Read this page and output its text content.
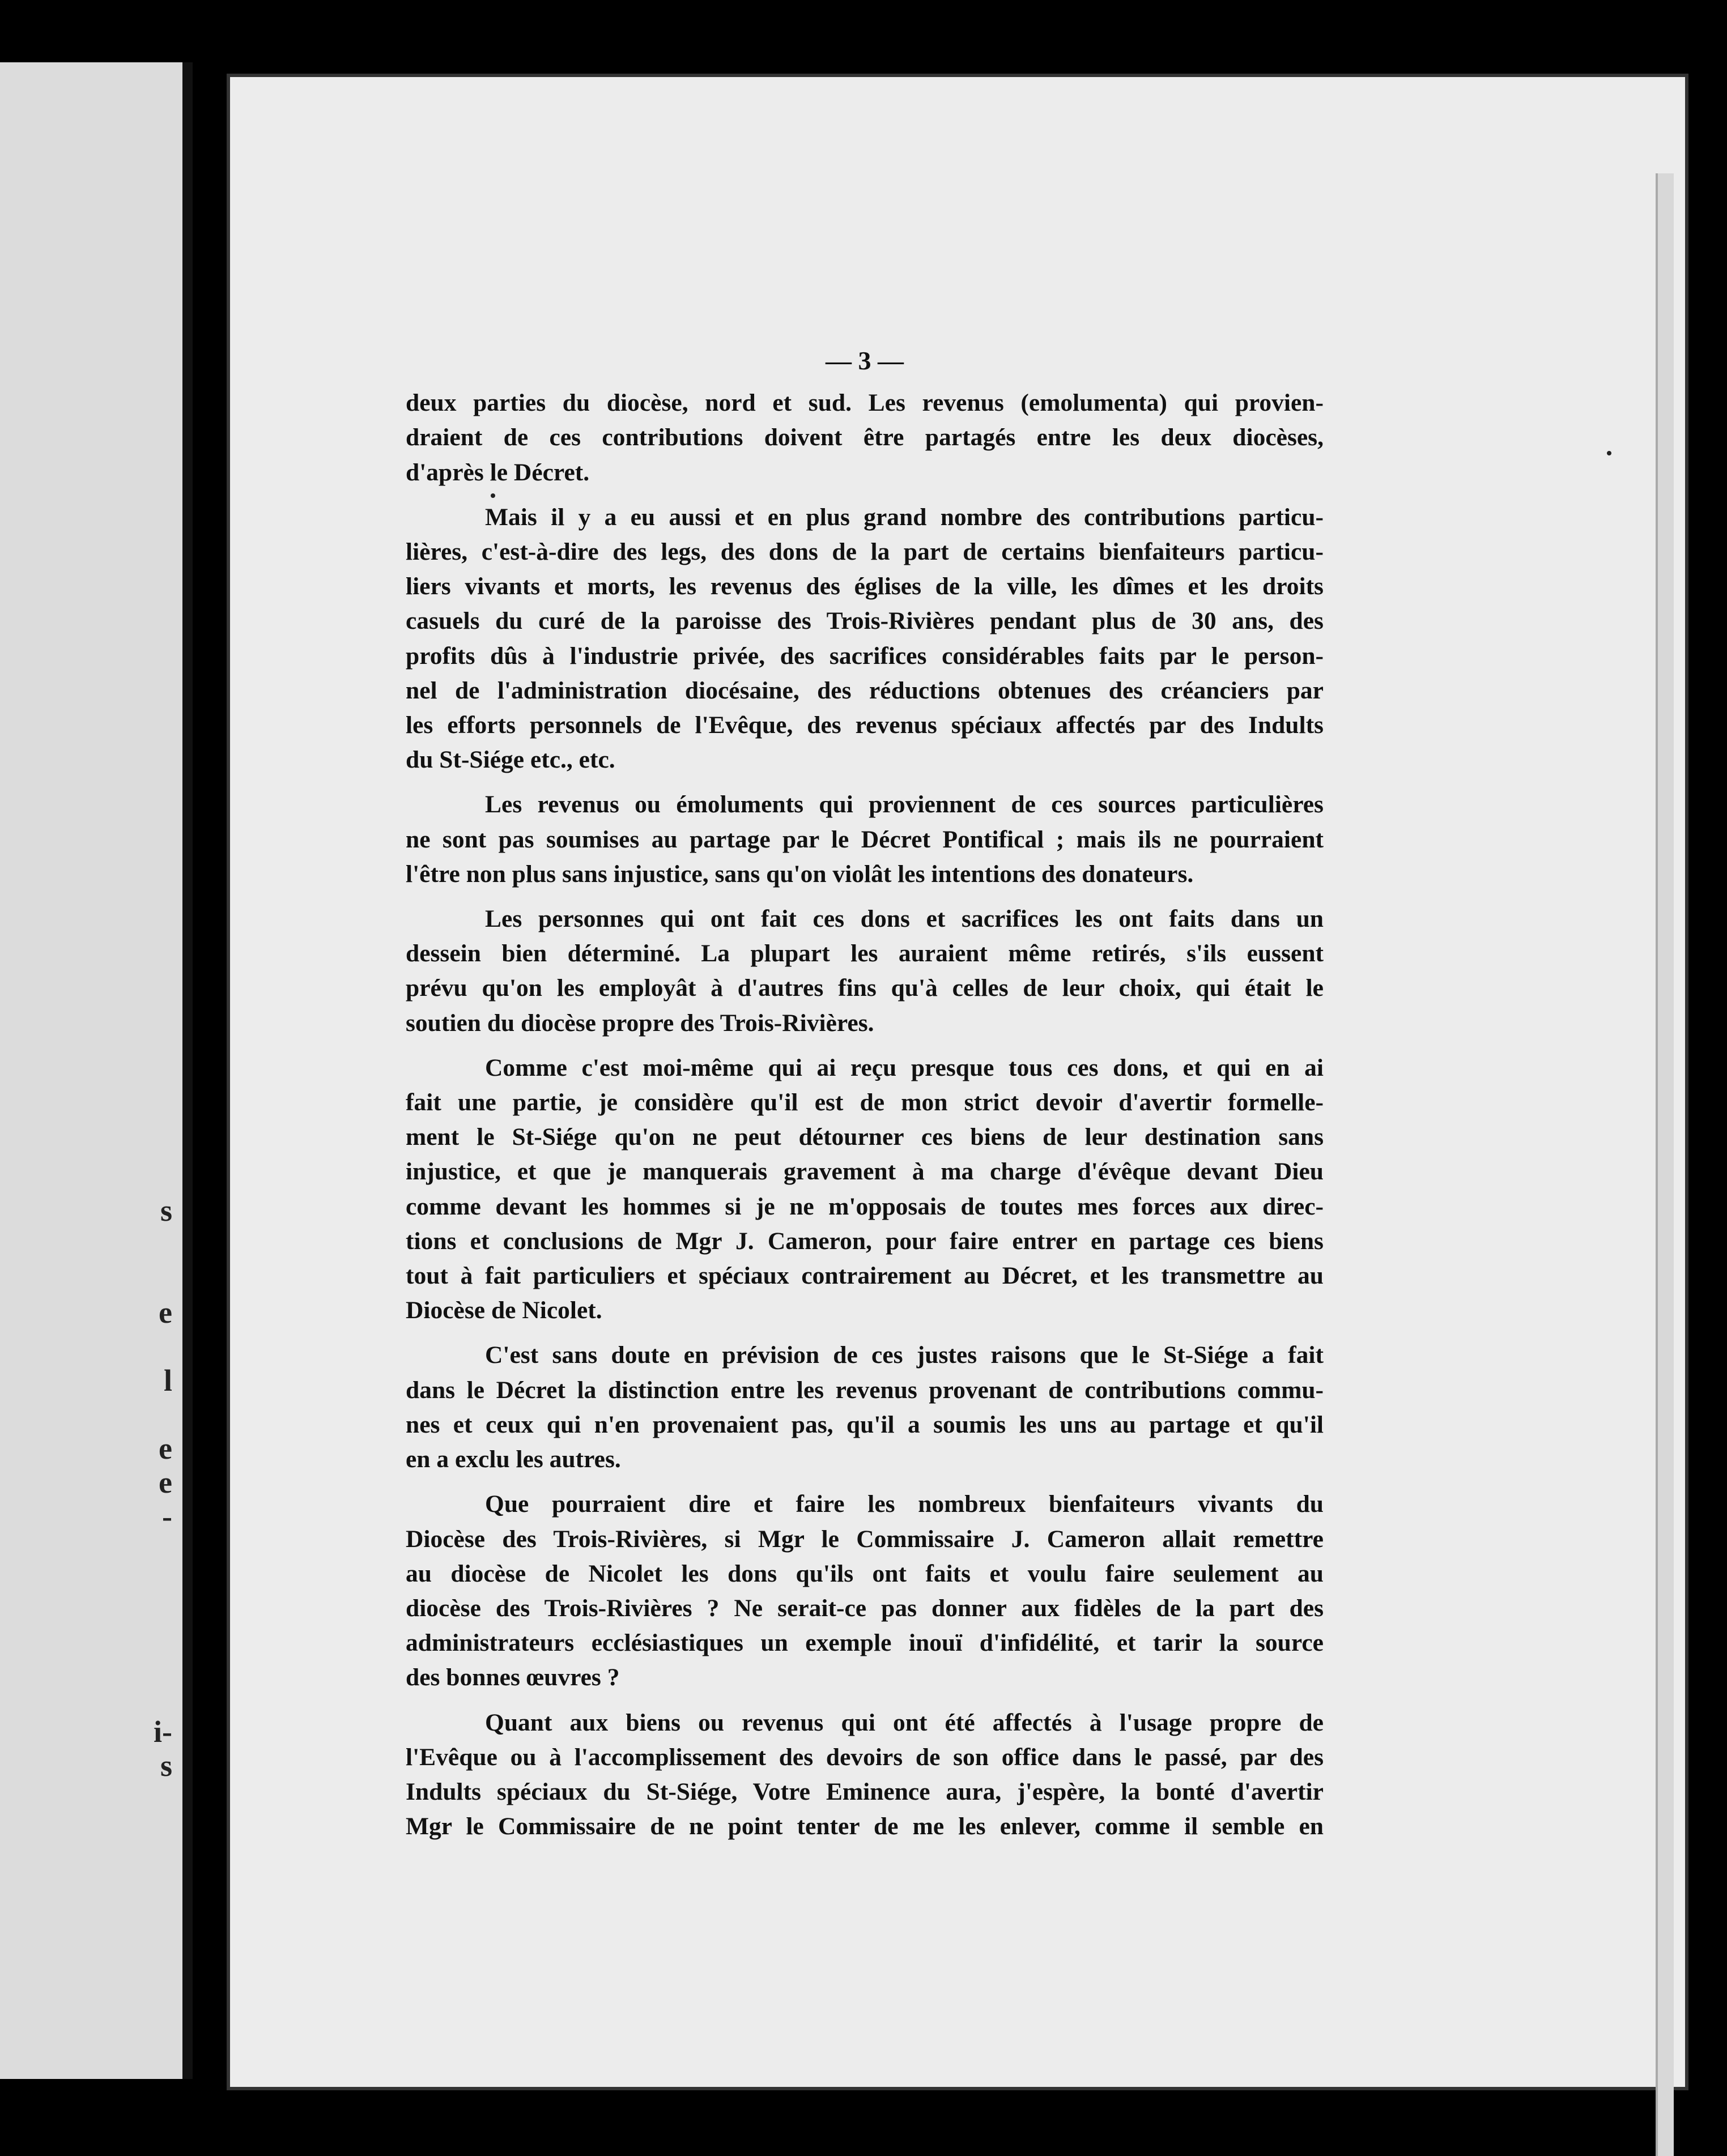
s
e
l
e
e
-
i-
s
— 3 —
deux parties du diocèse, nord et sud. Les revenus (emolumenta) qui provien-
draient de ces contributions doivent être partagés entre les deux diocèses,
d'après le Décret.
Mais il y a eu aussi et en plus grand nombre des contributions particu-
lières, c'est-à-dire des legs, des dons de la part de certains bienfaiteurs particu-
liers vivants et morts, les revenus des églises de la ville, les dîmes et les droits
casuels du curé de la paroisse des Trois-Rivières pendant plus de 30 ans, des
profits dûs à l'industrie privée, des sacrifices considérables faits par le person-
nel de l'administration diocésaine, des réductions obtenues des créanciers par
les efforts personnels de l'Evêque, des revenus spéciaux affectés par des Indults
du St-Siége etc., etc.
Les revenus ou émoluments qui proviennent de ces sources particulières
ne sont pas soumises au partage par le Décret Pontifical ; mais ils ne pourraient
l'être non plus sans injustice, sans qu'on violât les intentions des donateurs.
Les personnes qui ont fait ces dons et sacrifices les ont faits dans un
dessein bien déterminé. La plupart les auraient même retirés, s'ils eussent
prévu qu'on les employât à d'autres fins qu'à celles de leur choix, qui était le
soutien du diocèse propre des Trois-Rivières.
Comme c'est moi-même qui ai reçu presque tous ces dons, et qui en ai
fait une partie, je considère qu'il est de mon strict devoir d'avertir formelle-
ment le St-Siége qu'on ne peut détourner ces biens de leur destination sans
injustice, et que je manquerais gravement à ma charge d'évêque devant Dieu
comme devant les hommes si je ne m'opposais de toutes mes forces aux direc-
tions et conclusions de Mgr J. Cameron, pour faire entrer en partage ces biens
tout à fait particuliers et spéciaux contrairement au Décret, et les transmettre au
Diocèse de Nicolet.
C'est sans doute en prévision de ces justes raisons que le St-Siége a fait
dans le Décret la distinction entre les revenus provenant de contributions commu-
nes et ceux qui n'en provenaient pas, qu'il a soumis les uns au partage et qu'il
en a exclu les autres.
Que pourraient dire et faire les nombreux bienfaiteurs vivants du
Diocèse des Trois-Rivières, si Mgr le Commissaire J. Cameron allait remettre
au diocèse de Nicolet les dons qu'ils ont faits et voulu faire seulement au
diocèse des Trois-Rivières ? Ne serait-ce pas donner aux fidèles de la part des
administrateurs ecclésiastiques un exemple inouï d'infidélité, et tarir la source
des bonnes œuvres ?
Quant aux biens ou revenus qui ont été affectés à l'usage propre de
l'Evêque ou à l'accomplissement des devoirs de son office dans le passé, par des
Indults spéciaux du St-Siége, Votre Eminence aura, j'espère, la bonté d'avertir
Mgr le Commissaire de ne point tenter de me les enlever, comme il semble en
